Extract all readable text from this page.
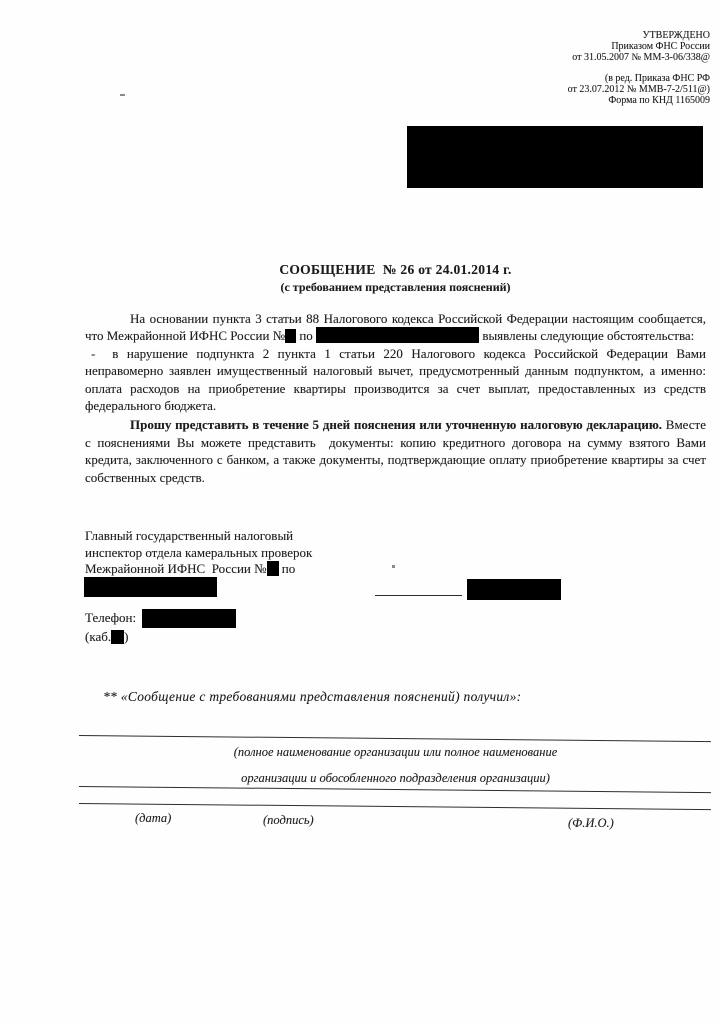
УТВЕРЖДЕНО
Приказом ФНС России
от 31.05.2007 № ММ-3-06/338@
(в ред. Приказа ФНС РФ
от 23.07.2012 № ММВ-7-2/511@)
Форма по КНД 1165009
СООБЩЕНИЕ  № 26 от 24.01.2014 г.
(с требованием представления пояснений)

На основании пункта 3 статьи 88 Налогового кодекса Российской Федерации настоящим сообщается, что Межрайонной ИФНС России № по	выявлены следующие обстоятельства:

-  в нарушение подпункта 2 пункта 1 статьи 220 Налогового кодекса Российской Федерации Вами неправомерно заявлен имущественный налоговый вычет, предусмотренный данным подпунктом, а именно: оплата расходов на приобретение квартиры производится за счет выплат, предоставленных из средств федерального бюджета.

Прошу представить в течение 5 дней пояснения или уточненную налоговую декларацию. Вместе с пояснениями Вы можете представить  документы: копию кредитного договора на сумму взятого Вами кредита, заключенного с банком, а также документы, подтверждающие оплату приобретение квартиры за счет собственных средств.

Главный государственный налоговый
инспектор отдела камеральных проверок
Межрайонной ИФНС  России № по
Телефон:
(каб. )
** «Сообщение с требованиями представления пояснений) получил»:
(полное наименование организации или полное наименование
организации и обособленного подразделения организации)
(дата)	(подпись)	(Ф.И.О.)
